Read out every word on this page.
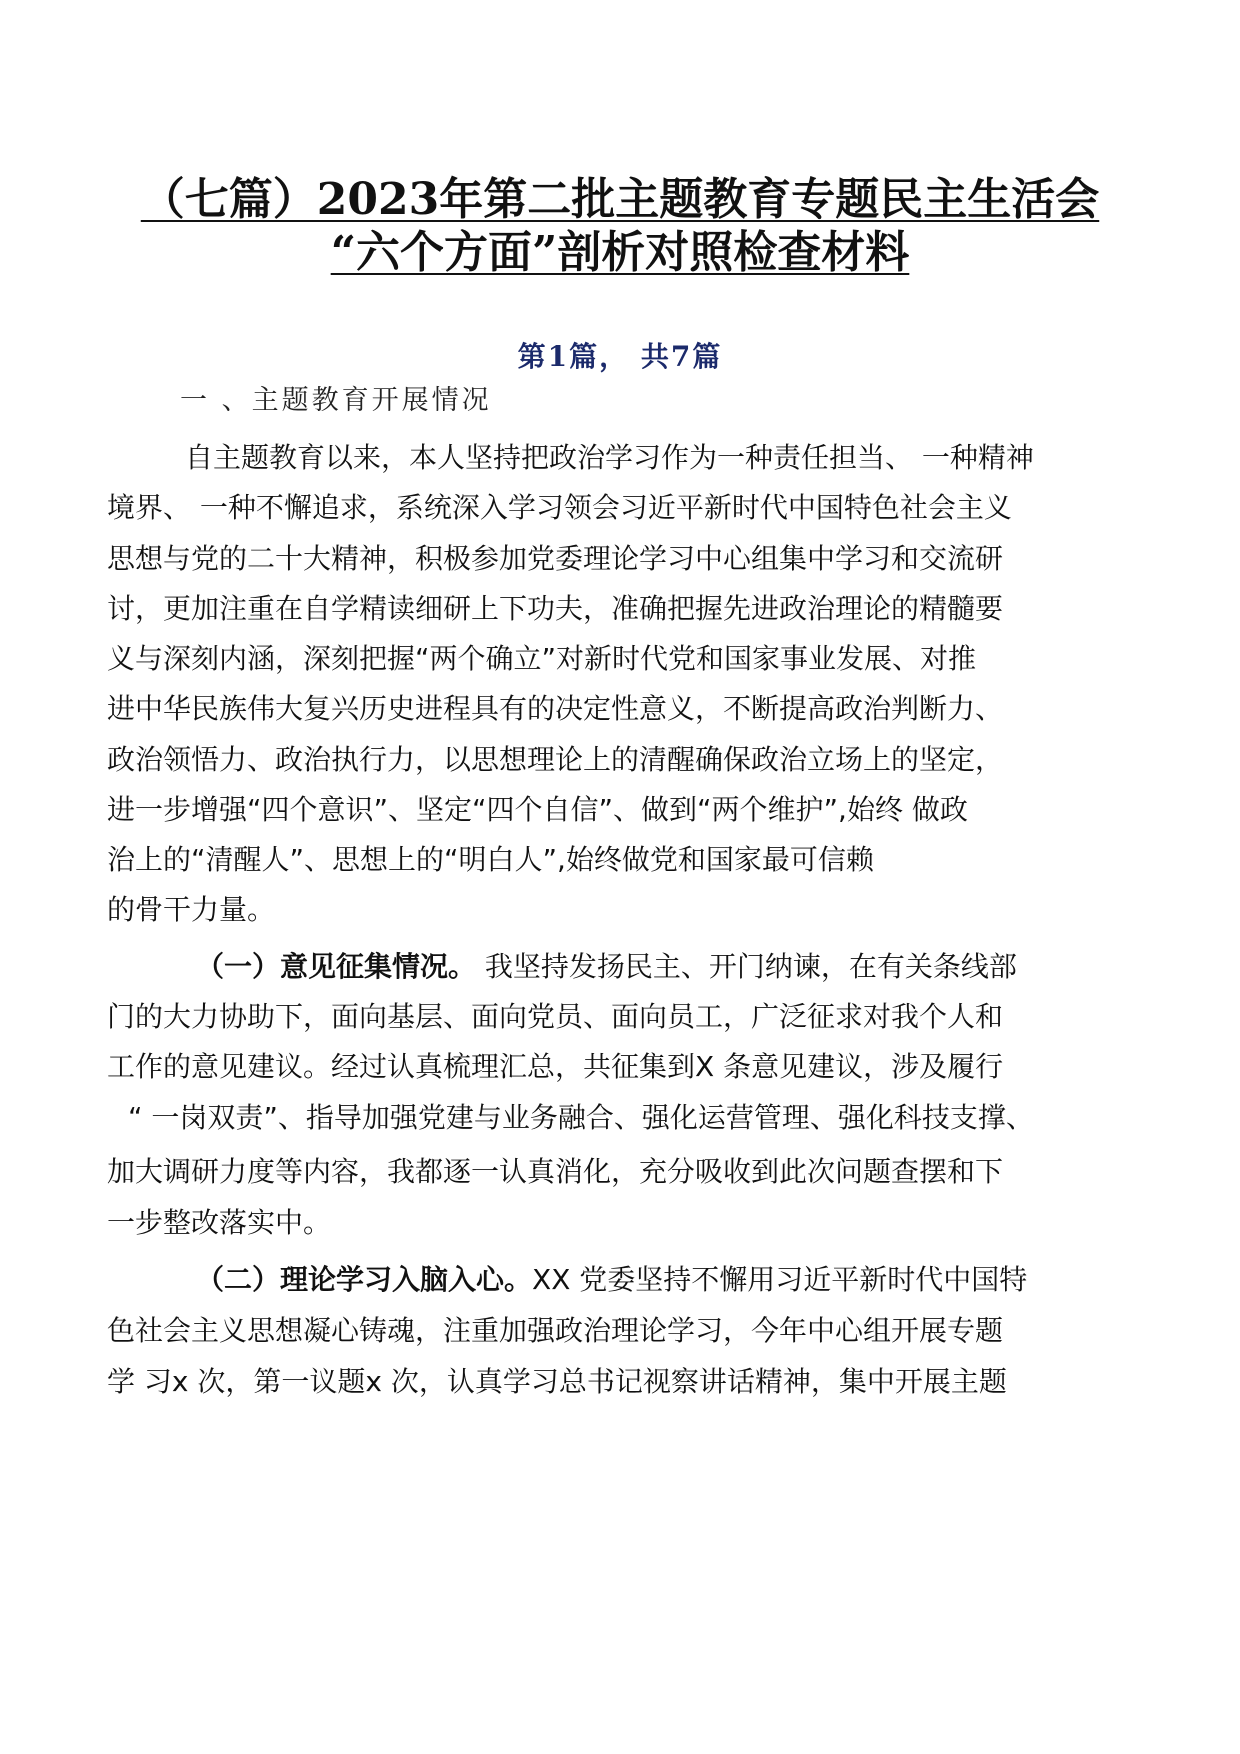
（七篇）2023年第二批主题教育专题民主生活会
“六个方面”剖析对照检查材料
第1篇， 共7篇
一 、主题教育开展情况
自主题教育以来，本人坚持把政治学习作为一种责任担当、 一种精神
境界、 一种不懈追求，系统深入学习领会习近平新时代中国特色社会主义
思想与党的二十大精神，积极参加党委理论学习中心组集中学习和交流研
讨，更加注重在自学精读细研上下功夫，准确把握先进政治理论的精髓要
义与深刻内涵，深刻把握“两个确立”对新时代党和国家事业发展、对推
进中华民族伟大复兴历史进程具有的决定性意义，不断提高政治判断力、
政治领悟力、政治执行力，以思想理论上的清醒确保政治立场上的坚定，
进一步增强“四个意识”、坚定“四个自信”、做到“两个维护”,始终 做政
治上的“清醒人”、思想上的“明白人”,始终做党和国家最可信赖
的骨干力量。
（一）意见征集情况。 我坚持发扬民主、开门纳谏，在有关条线部
门的大力协助下，面向基层、面向党员、面向员工，广泛征求对我个人和
工作的意见建议。经过认真梳理汇总，共征集到X 条意见建议，涉及履行
“ 一岗双责”、指导加强党建与业务融合、强化运营管理、强化科技支撑、
加大调研力度等内容，我都逐一认真消化，充分吸收到此次问题查摆和下
一步整改落实中。
（二）理论学习入脑入心。XX 党委坚持不懈用习近平新时代中国特
色社会主义思想凝心铸魂，注重加强政治理论学习，今年中心组开展专题
学 习x 次，第一议题x 次，认真学习总书记视察讲话精神，集中开展主题
